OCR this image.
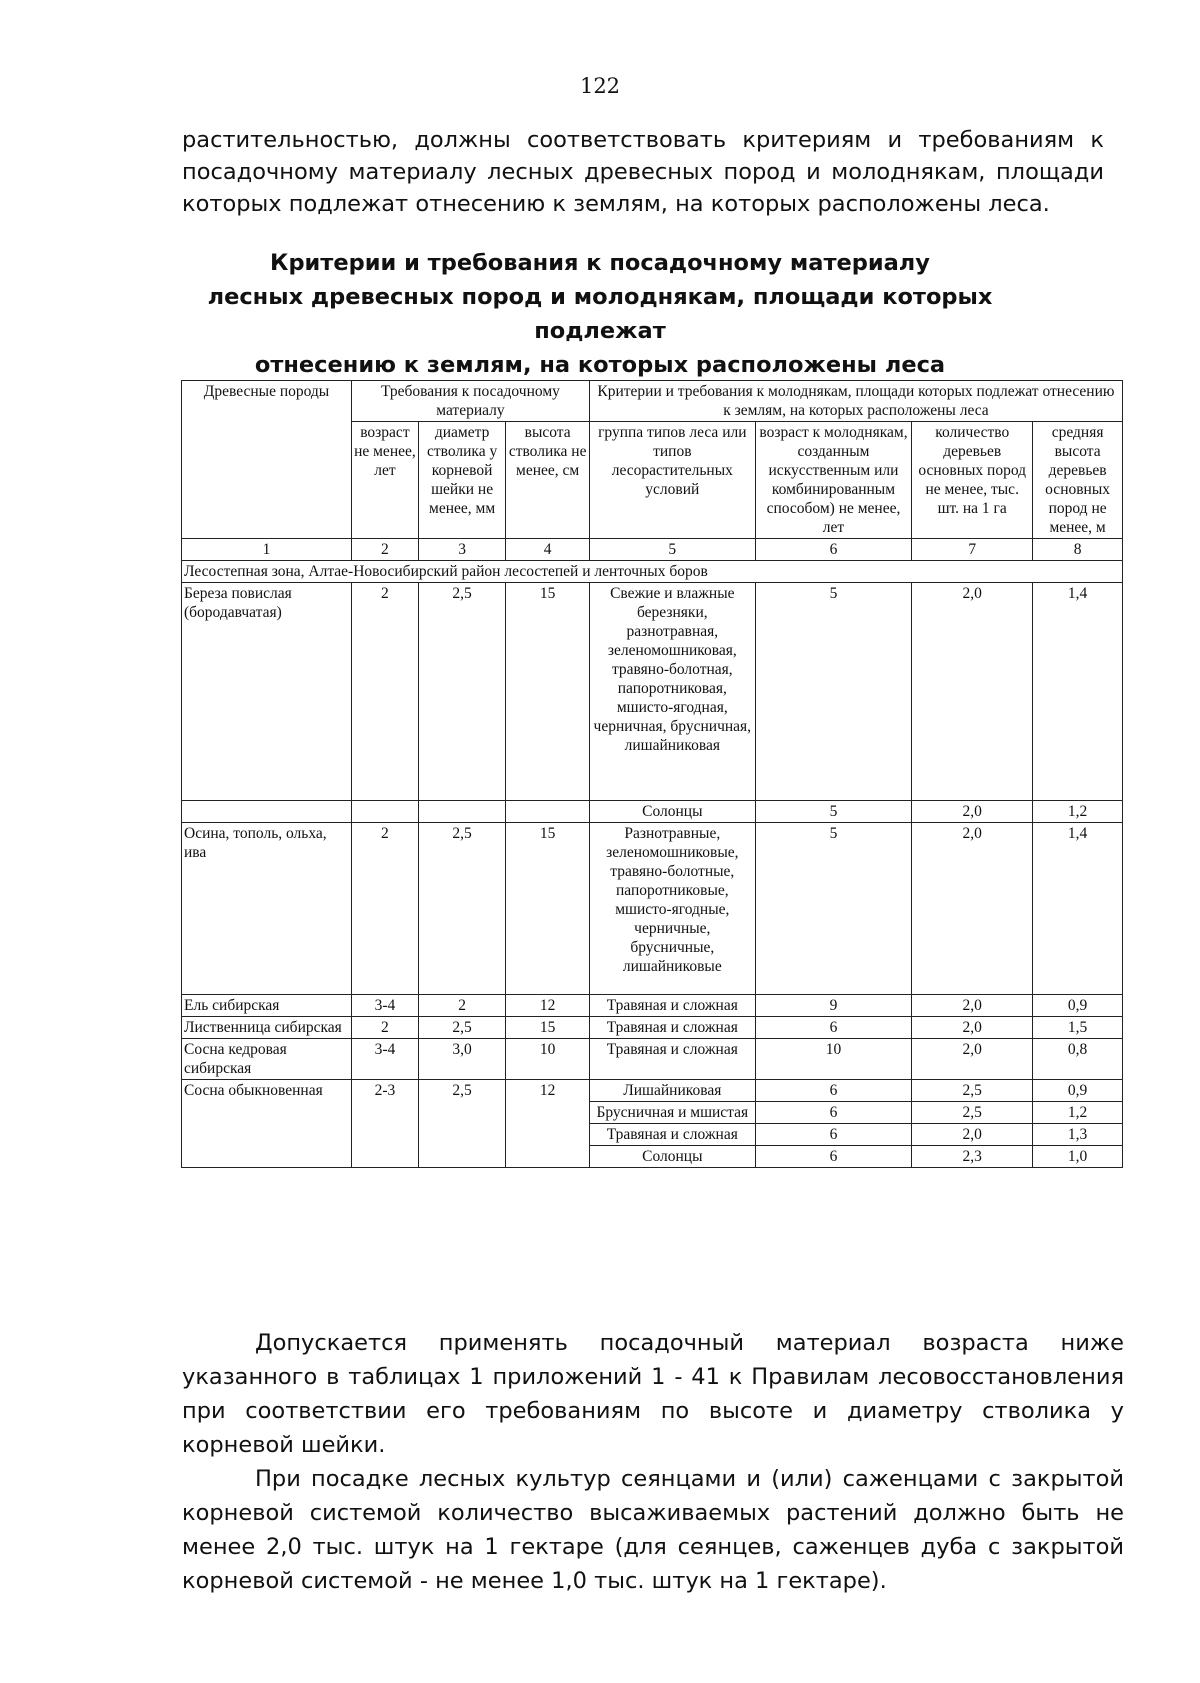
122

растительностью, должны соответствовать критериям и требованиям к посадочному материалу лесных древесных пород и молоднякам, площади которых подлежат отнесению к землям, на которых расположены леса.

Критерии и требования к посадочному материалу
лесных древесных пород и молоднякам, площади которых подлежат
отнесению к землям, на которых расположены леса
Древесные породы	Требования к посадочному материалу			Критерии и требования к молоднякам, площади которых подлежат отнесению к землям, на которых расположены леса			
	возраст не менее, лет	диаметр стволика у корневой шейки не менее, мм	высота стволика не менее, см	группа типов леса или типов лесорастительных условий	возраст к молоднякам, созданным искусственным или комбинированным способом) не менее, лет	количество деревьев основных пород не менее, тыс. шт. на 1 га	средняя высота деревьев основных пород не менее, м
1	2	3	4	5	6	7	8
Лесостепная зона, Алтае-Новосибирский район лесостепей и ленточных боров							
Береза повислая (бородавчатая)	2	2,5	15	Свежие и влажные березняки, разнотравная, зеленомошниковая, травяно-болотная, папоротниковая, мшисто-ягодная, черничная, брусничная, лишайниковая	5	2,0	1,4
				Солонцы	5	2,0	1,2
Осина, тополь, ольха, ива	2	2,5	15	Разнотравные, зеленомошниковые, травяно-болотные, папоротниковые, мшисто-ягодные, черничные, брусничные, лишайниковые	5	2,0	1,4
Ель сибирская	3-4	2	12	Травяная и сложная	9	2,0	0,9
Лиственница сибирская	2	2,5	15	Травяная и сложная	6	2,0	1,5
Сосна кедровая сибирская	3-4	3,0	10	Травяная и сложная	10	2,0	0,8
Сосна обыкновенная	2-3	2,5	12	Лишайниковая	6	2,5	0,9
				Брусничная и мшистая	6	2,5	1,2
				Травяная и сложная	6	2,0	1,3
				Солонцы	6	2,3	1,0

Допускается применять посадочный материал возраста ниже указанного в таблицах 1 приложений 1 - 41 к Правилам лесовосстановления при соответствии его требованиям по высоте и диаметру стволика у корневой шейки.

При посадке лесных культур сеянцами и (или) саженцами с закрытой корневой системой количество высаживаемых растений должно быть не менее 2,0 тыс. штук на 1 гектаре (для сеянцев, саженцев дуба с закрытой корневой системой - не менее 1,0 тыс. штук на 1 гектаре).
